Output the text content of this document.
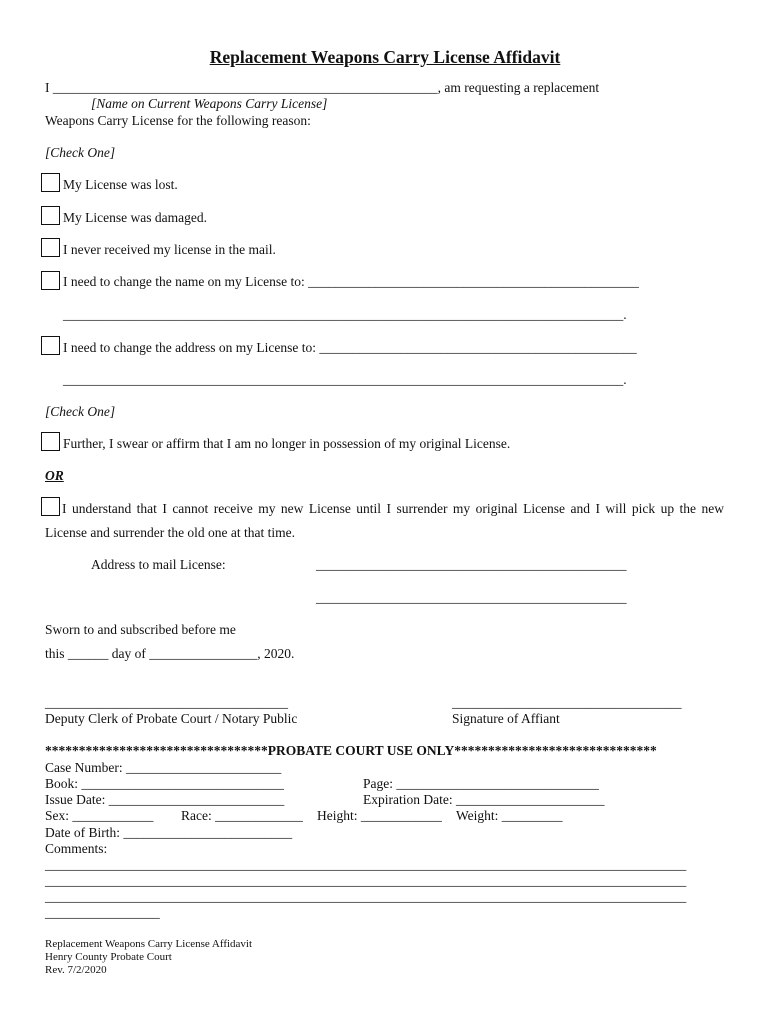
Replacement Weapons Carry License Affidavit
I _________________________________________________________, am requesting a replacement
[Name on Current Weapons Carry License]
Weapons Carry License for the following reason:
[Check One]
My License was lost.
My License was damaged.
I never received my license in the mail.
I need to change the name on my License to: _________________________________________________
___________________________________________________________________________________.
I need to change the address on my License to: _______________________________________________
___________________________________________________________________________________.
[Check One]
Further, I swear or affirm that I am no longer in possession of my original License.
OR
I understand that I cannot receive my new License until I surrender my original License and I will pick up the new
License and surrender the old one at that time.
Address to mail License:	______________________________________________
______________________________________________
Sworn to and subscribed before me
this ______ day of ________________, 2020.
____________________________________
Deputy Clerk of Probate Court / Notary Public
__________________________________
Signature of Affiant
*********************************PROBATE COURT USE ONLY******************************
Case Number: _______________________
Book: ______________________________	Page: ______________________________
Issue Date: __________________________	Expiration Date: ______________________
Sex: ____________ Race: _____________ Height: ____________ Weight: _________
Date of Birth: _________________________
Comments:
_______________________________________________________________________________________________
_______________________________________________________________________________________________
_______________________________________________________________________________________________
_________________
Replacement Weapons Carry License Affidavit
Henry County Probate Court
Rev. 7/2/2020
